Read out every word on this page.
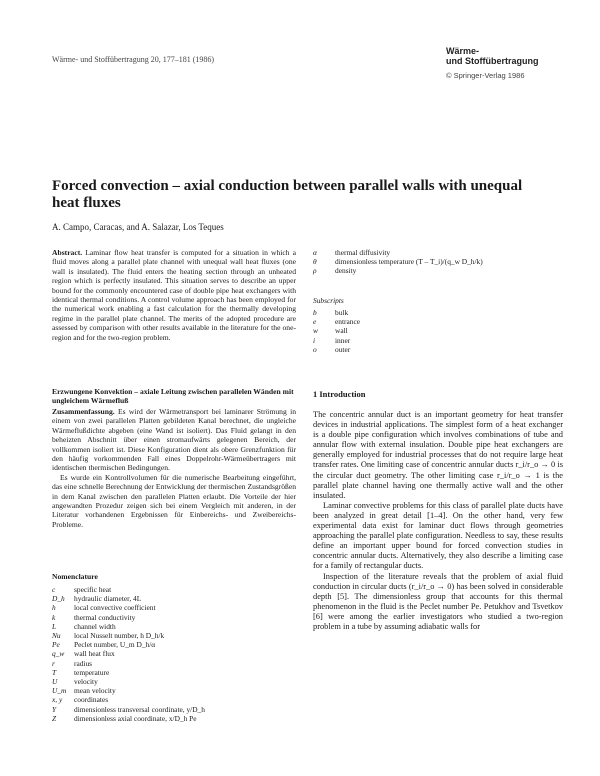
Wärme- und Stoffübertragung 20, 177–181 (1986)
Wärme-
und Stoffübertragung
© Springer-Verlag 1986
Forced convection – axial conduction between parallel walls with unequal heat fluxes
A. Campo, Caracas, and A. Salazar, Los Teques
Abstract. Laminar flow heat transfer is computed for a situation in which a fluid moves along a parallel plate channel with unequal wall heat fluxes (one wall is insulated). The fluid enters the heating section through an unheated region which is perfectly insulated. This situation serves to describe an upper bound for the commonly encountered case of double pipe heat exchangers with identical thermal conditions. A control volume approach has been employed for the numerical work enabling a fast calculation for the thermally developing regime in the parallel plate channel. The merits of the adopted procedure are assessed by comparison with other results available in the literature for the one-region and for the two-region problem.
Erzwungene Konvektion – axiale Leitung zwischen parallelen Wänden mit ungleichem Wärmefluß

Zusammenfassung. Es wird der Wärmetransport bei laminarer Strömung in einem von zwei parallelen Platten gebildeten Kanal berechnet, die ungleiche Wärmeflußdichte abgeben (eine Wand ist isoliert). Das Fluid gelangt in den beheizten Abschnitt über einen stromaufwärts gelegenen Bereich, der vollkommen isoliert ist. Diese Konfiguration dient als obere Grenzfunktion für den häufig vorkommenden Fall eines Doppelrohr-Wärmeübertragers mit identischen thermischen Bedingungen.

Es wurde ein Kontrollvolumen für die numerische Bearbeitung eingeführt, das eine schnelle Berechnung der Entwicklung der thermischen Zustandsgrößen in dem Kanal zwischen den parallelen Platten erlaubt. Die Vorteile der hier angewandten Prozedur zeigen sich bei einem Vergleich mit anderen, in der Literatur vorhandenen Ergebnissen für Einbereichs- und Zweibereichs-Probleme.

Nomenclature
c	specific heat
D_h	hydraulic diameter, 4L
h	local convective coefficient
k	thermal conductivity
L	channel width
Nu	local Nusselt number, h D_h/k
Pe	Peclet number, U_m D_h/α
q_w	wall heat flux
r	radius
T	temperature
U	velocity
U_m	mean velocity
x, y	coordinates
Y	dimensionless transversal coordinate, y/D_h
Z	dimensionless axial coordinate, x/D_h Pe
α	thermal diffusivity
θ	dimensionless temperature (T – T_i)/(q_w D_h/k)
ρ	density
Subscripts
b	bulk
e	entrance
w	wall
i	inner
o	outer
1 Introduction

The concentric annular duct is an important geometry for heat transfer devices in industrial applications. The simplest form of a heat exchanger is a double pipe configuration which involves combinations of tube and annular flow with external insulation. Double pipe heat exchangers are generally employed for industrial processes that do not require large heat transfer rates. One limiting case of concentric annular ducts r_i/r_o → 0 is the circular duct geometry. The other limiting case r_i/r_o → 1 is the parallel plate channel having one thermally active wall and the other insulated.

Laminar convective problems for this class of parallel plate ducts have been analyzed in great detail [1–4]. On the other hand, very few experimental data exist for laminar duct flows through geometries approaching the parallel plate configuration. Needless to say, these results define an important upper bound for forced convection studies in concentric annular ducts. Alternatively, they also describe a limiting case for a family of rectangular ducts.

Inspection of the literature reveals that the problem of axial fluid conduction in circular ducts (r_i/r_o → 0) has been solved in considerable depth [5]. The dimensionless group that accounts for this thermal phenomenon in the fluid is the Peclet number Pe. Petukhov and Tsvetkov [6] were among the earlier investigators who studied a two-region problem in a tube by assuming adiabatic walls for
